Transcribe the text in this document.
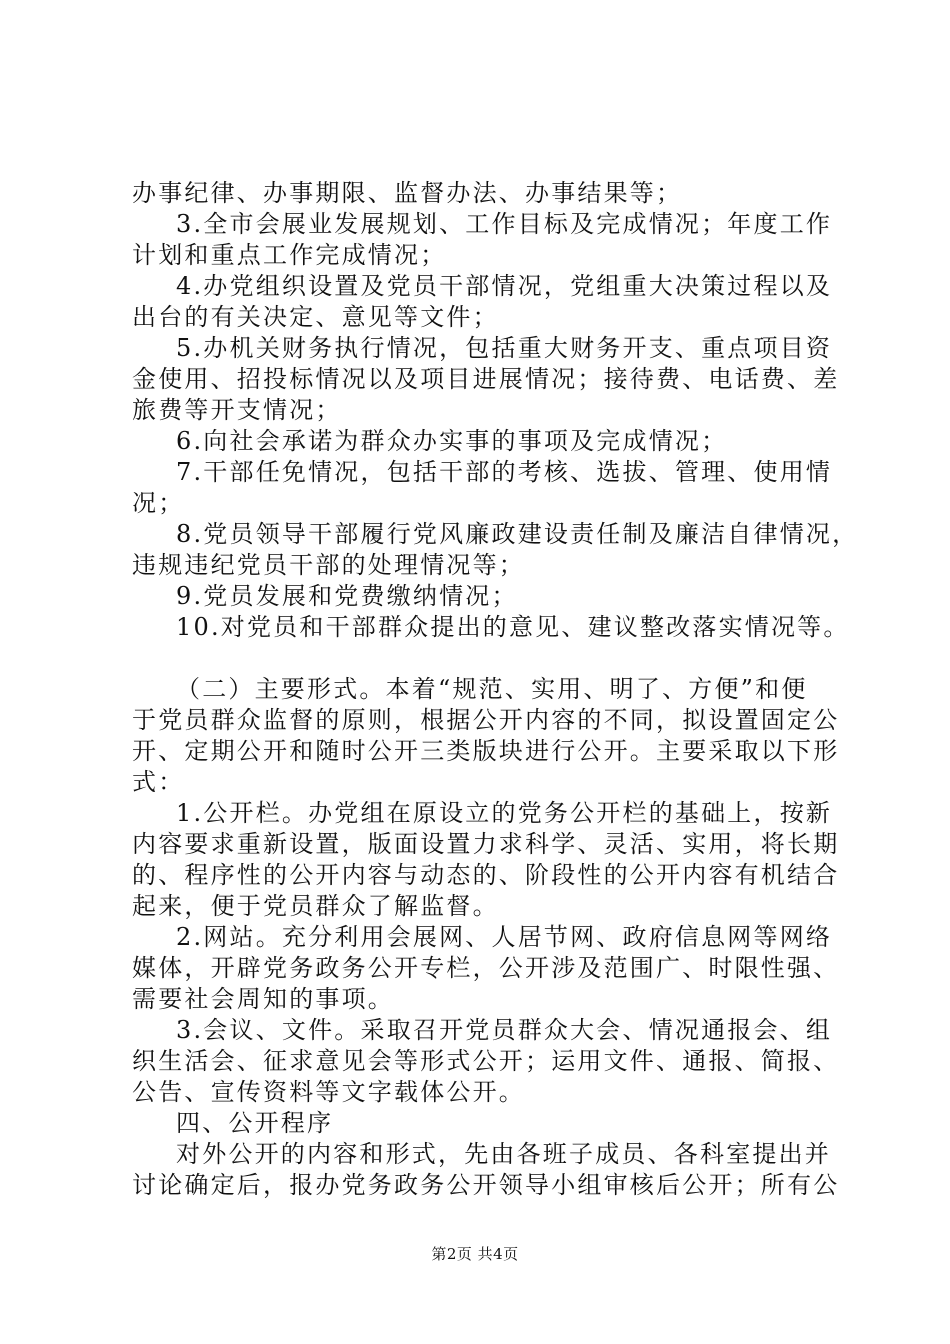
办事纪律、办事期限、监督办法、办事结果等；
3.全市会展业发展规划、工作目标及完成情况；年度工作
计划和重点工作完成情况；
4.办党组织设置及党员干部情况，党组重大决策过程以及
出台的有关决定、意见等文件；
5.办机关财务执行情况，包括重大财务开支、重点项目资
金使用、招投标情况以及项目进展情况；接待费、电话费、差
旅费等开支情况；
6.向社会承诺为群众办实事的事项及完成情况；
7.干部任免情况，包括干部的考核、选拔、管理、使用情
况；
8.党员领导干部履行党风廉政建设责任制及廉洁自律情况，
违规违纪党员干部的处理情况等；
9.党员发展和党费缴纳情况；
10.对党员和干部群众提出的意见、建议整改落实情况等。
（二）主要形式。本着“规范、实用、明了、方便”和便
于党员群众监督的原则，根据公开内容的不同，拟设置固定公
开、定期公开和随时公开三类版块进行公开。主要采取以下形
式：
1.公开栏。办党组在原设立的党务公开栏的基础上，按新
内容要求重新设置，版面设置力求科学、灵活、实用，将长期
的、程序性的公开内容与动态的、阶段性的公开内容有机结合
起来，便于党员群众了解监督。
2.网站。充分利用会展网、人居节网、政府信息网等网络
媒体，开辟党务政务公开专栏，公开涉及范围广、时限性强、
需要社会周知的事项。
3.会议、文件。采取召开党员群众大会、情况通报会、组
织生活会、征求意见会等形式公开；运用文件、通报、简报、
公告、宣传资料等文字载体公开。
四、公开程序
对外公开的内容和形式，先由各班子成员、各科室提出并
讨论确定后，报办党务政务公开领导小组审核后公开；所有公
第2页 共4页
